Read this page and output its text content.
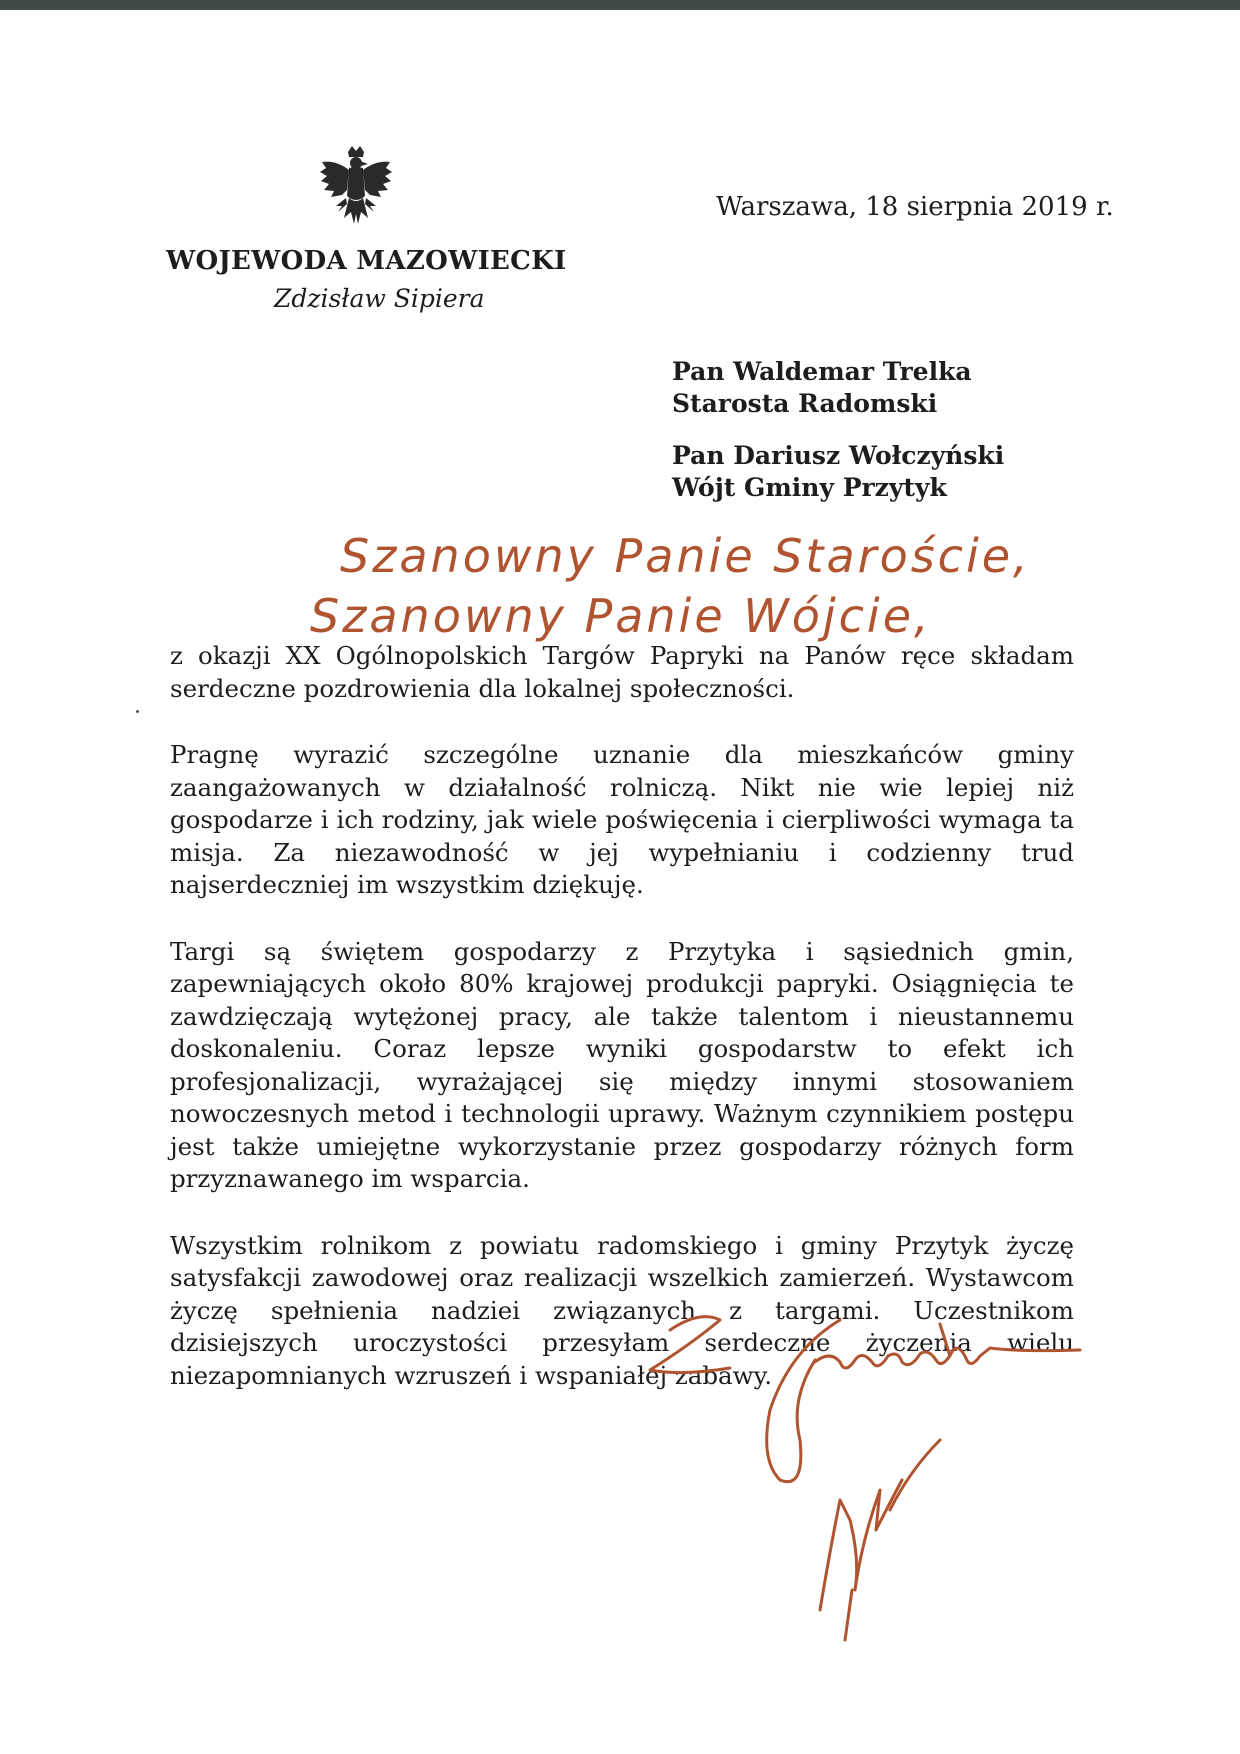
Warszawa, 18 sierpnia 2019 r.
WOJEWODA MAZOWIECKI
Zdzisław Sipiera
Pan Waldemar Trelka
Starosta Radomski
Pan Dariusz Wołczyński
Wójt Gminy Przytyk
Szanowny Panie Staroście,
Szanowny Panie Wójcie,

z okazji XX Ogólnopolskich Targów Papryki na Panów ręce składam serdeczne pozdrowienia dla lokalnej społeczności.

Pragnę wyrazić szczególne uznanie dla mieszkańców gminy zaangażowanych w działalność rolniczą. Nikt nie wie lepiej niż gospodarze i ich rodziny, jak wiele poświęcenia i cierpliwości wymaga ta misja. Za niezawodność w jej wypełnianiu i codzienny trud najserdeczniej im wszystkim dziękuję.

Targi są świętem gospodarzy z Przytyka i sąsiednich gmin, zapewniających około 80% krajowej produkcji papryki. Osiągnięcia te zawdzięczają wytężonej pracy, ale także talentom i nieustannemu doskonaleniu. Coraz lepsze wyniki gospodarstw to efekt ich profesjonalizacji, wyrażającej się między innymi stosowaniem nowoczesnych metod i technologii uprawy. Ważnym czynnikiem postępu jest także umiejętne wykorzystanie przez gospodarzy różnych form przyznawanego im wsparcia.

Wszystkim rolnikom z powiatu radomskiego i gminy Przytyk życzę satysfakcji zawodowej oraz realizacji wszelkich zamierzeń. Wystawcom życzę spełnienia nadziei związanych z targami. Uczestnikom dzisiejszych uroczystości przesyłam serdeczne życzenia wielu niezapomnianych wzruszeń i wspaniałej zabawy.
